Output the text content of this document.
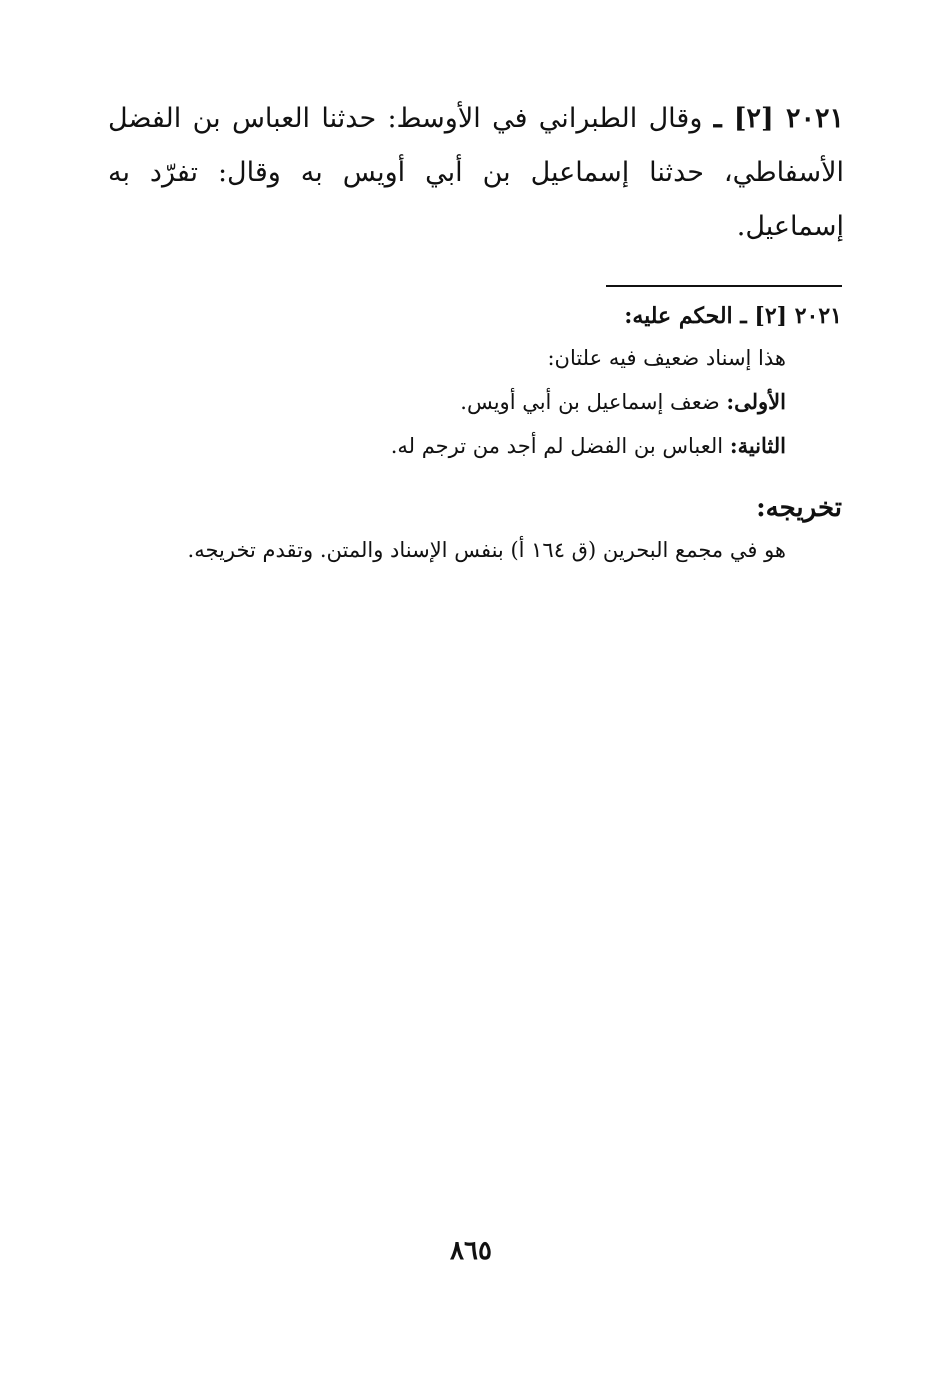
٢٠٢١ [٢] ـ وقال الطبراني في الأوسط: حدثنا العباس بن الفضل الأسفاطي، حدثنا إسماعيل بن أبي أويس به وقال: تفرّد به إسماعيل.
٢٠٢١ [٢] ـ الحكم عليه:
هذا إسناد ضعيف فيه علتان:
الأولى: ضعف إسماعيل بن أبي أويس.
الثانية: العباس بن الفضل لم أجد من ترجم له.
تخريجه:
هو في مجمع البحرين (ق ١٦٤ أ) بنفس الإسناد والمتن. وتقدم تخريجه.
٨٦٥
